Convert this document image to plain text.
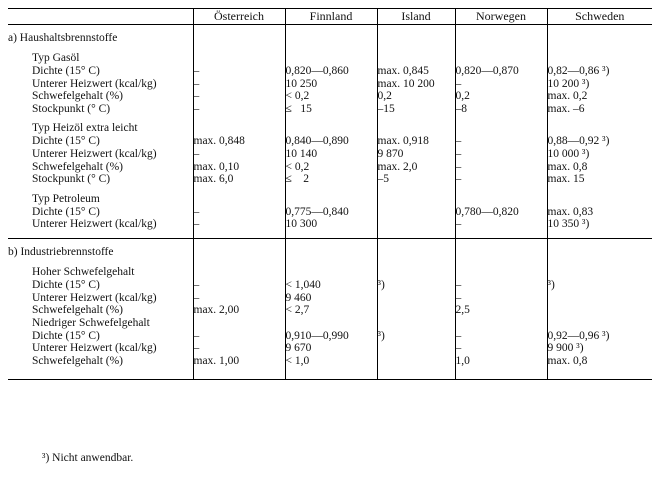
	Österreich	Finnland	Island	Norwegen	Schweden

a) Haushaltsbrennstoffe					

Typ Gasöl					
Dichte (15° C)	–	0,820—0,860	max. 0,845	0,820—0,870	0,82—0,86 ³)
Unterer Heizwert (kcal/kg)	–	10 250	max. 10 200	–	10 200 ³)
Schwefelgehalt (%)	–	< 0,2	0,2	0,2	max. 0,2
Stockpunkt (° C)	–	≤   15	–15	–8	max. –6

Typ Heizöl extra leicht					
Dichte (15° C)	max. 0,848	0,840—0,890	max. 0,918	–	0,88—0,92 ³)
Unterer Heizwert (kcal/kg)	–	10 140	9 870	–	10 000 ³)
Schwefelgehalt (%)	max. 0,10	< 0,2	max. 2,0	–	max. 0,8
Stockpunkt (° C)	max. 6,0	≤    2	–5	–	max. 15

Typ Petroleum					
Dichte (15° C)	–	0,775—0,840		0,780—0,820	max. 0,83
Unterer Heizwert (kcal/kg)	–	10 300		–	10 350 ³)

b) Industriebrennstoffe					

Hoher Schwefelgehalt					
Dichte (15° C)	–	< 1,040	³)	–	³)
Unterer Heizwert (kcal/kg)	–	9 460		–	
Schwefelgehalt (%)	max. 2,00	< 2,7		2,5	
Niedriger Schwefelgehalt					
Dichte (15° C)	–	0,910—0,990	³)	–	0,92—0,96 ³)
Unterer Heizwert (kcal/kg)	–	9 670		–	9 900 ³)
Schwefelgehalt (%)	max. 1,00	< 1,0		1,0	max. 0,8

³) Nicht anwendbar.
